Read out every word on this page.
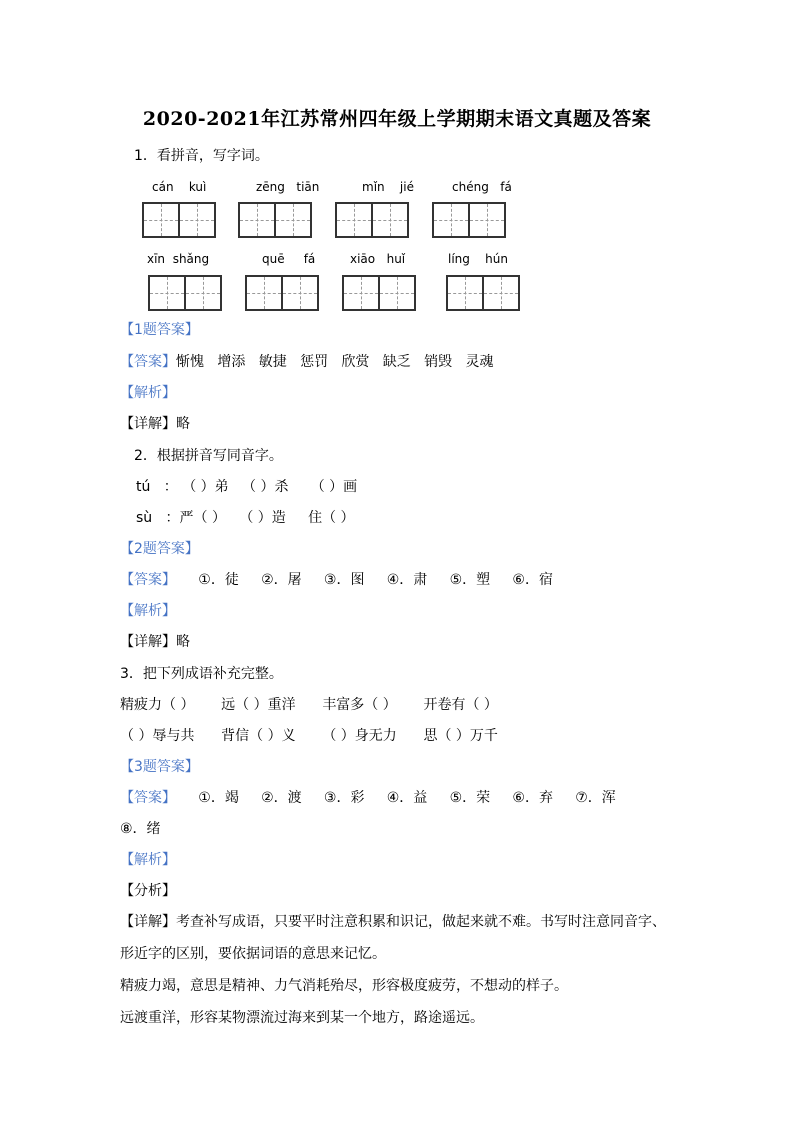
2020-2021年江苏常州四年级上学期期末语文真题及答案
1．看拼音，写字词。
cán kuì	zēng tiān	mǐn jié	chéng fá
xīn shǎng	quē fá	xiāo huǐ	líng hún
【1题答案】
【答案】惭愧 增添 敏捷 惩罚 欣赏 缺乏 销毁 灵魂
【解析】
【详解】略
2．根据拼音写同音字。
tú   ： （ ）弟 （ ）杀 （ ）画
sù   ：严（ ） （ ）造 住（ ）
【2题答案】
【答案】 ①．徒 ②．屠 ③．图 ④．肃 ⑤．塑 ⑥．宿
【解析】
【详解】略
3．把下列成语补充完整。
精疲力（ ） 远（ ）重洋 丰富多（ ） 开卷有（ ）
（ ）辱与共 背信（ ）义 （ ）身无力 思（ ）万千
【3题答案】
【答案】 ①．竭 ②．渡 ③．彩 ④．益 ⑤．荣 ⑥．弃 ⑦．浑
⑧．绪
【解析】
【分析】
【详解】考查补写成语，只要平时注意积累和识记，做起来就不难。书写时注意同音字、
形近字的区别，要依据词语的意思来记忆。
精疲力竭，意思是精神、力气消耗殆尽，形容极度疲劳，不想动的样子。
远渡重洋，形容某物漂流过海来到某一个地方，路途遥远。
